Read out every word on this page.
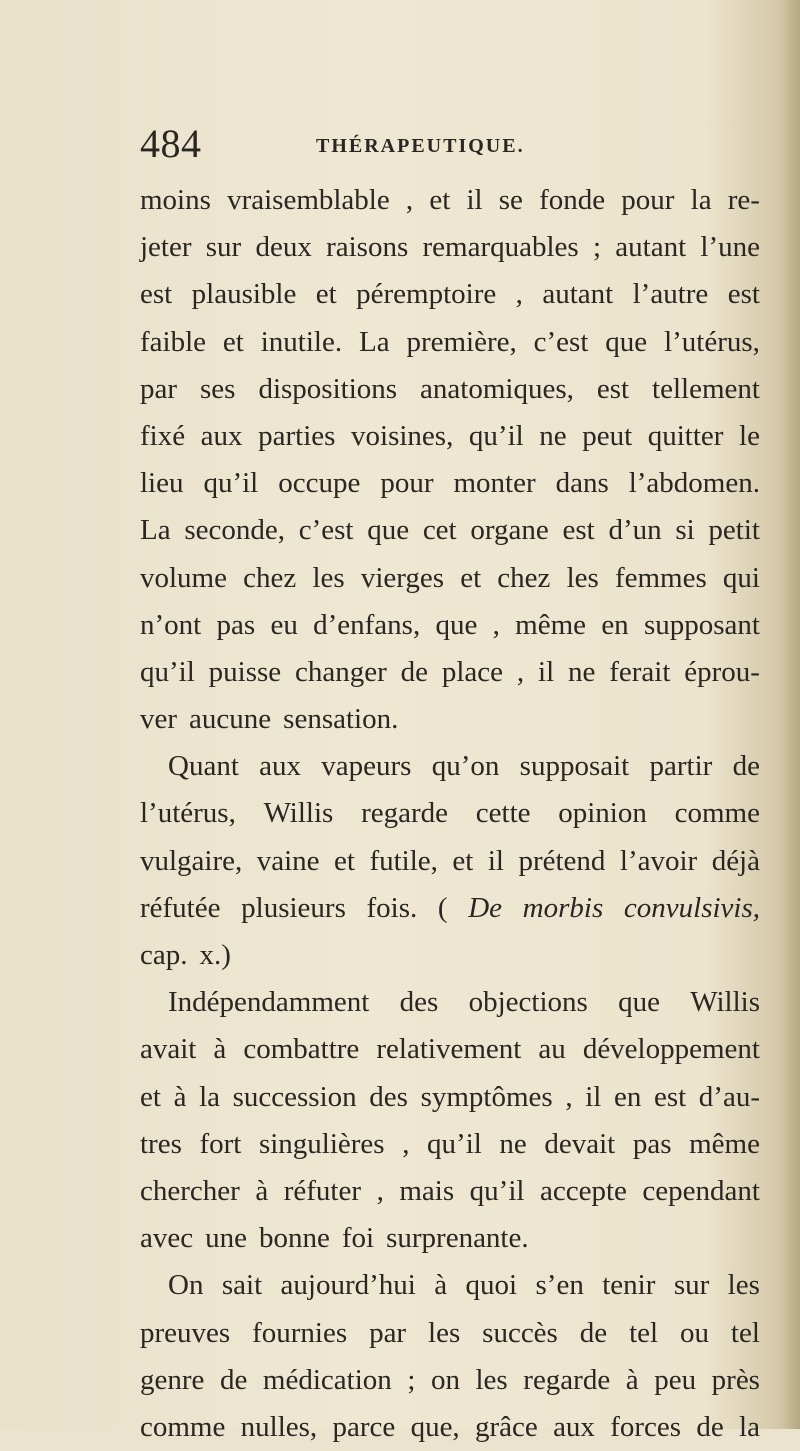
484	THÉRAPEUTIQUE.
moins vraisemblable , et il se fonde pour la re-
jeter sur deux raisons remarquables ; autant l’une
est plausible et péremptoire , autant l’autre est
faible et inutile. La première, c’est que l’utérus,
par ses dispositions anatomiques, est tellement
fixé aux parties voisines, qu’il ne peut quitter le
lieu qu’il occupe pour monter dans l’abdomen.
La seconde, c’est que cet organe est d’un si petit
volume chez les vierges et chez les femmes qui
n’ont pas eu d’enfans, que , même en supposant
qu’il puisse changer de place , il ne ferait éprou-
ver aucune sensation.
Quant aux vapeurs qu’on supposait partir de
l’utérus, Willis regarde cette opinion comme
vulgaire, vaine et futile, et il prétend l’avoir déjà
réfutée plusieurs fois. ( De morbis convulsivis,
cap. x.)
Indépendamment des objections que Willis
avait à combattre relativement au développement
et à la succession des symptômes , il en est d’au-
tres fort singulières , qu’il ne devait pas même
chercher à réfuter , mais qu’il accepte cependant
avec une bonne foi surprenante.
On sait aujourd’hui à quoi s’en tenir sur les
preuves fournies par les succès de tel ou tel
genre de médication ; on les regarde à peu près
comme nulles, parce que, grâce aux forces de la
